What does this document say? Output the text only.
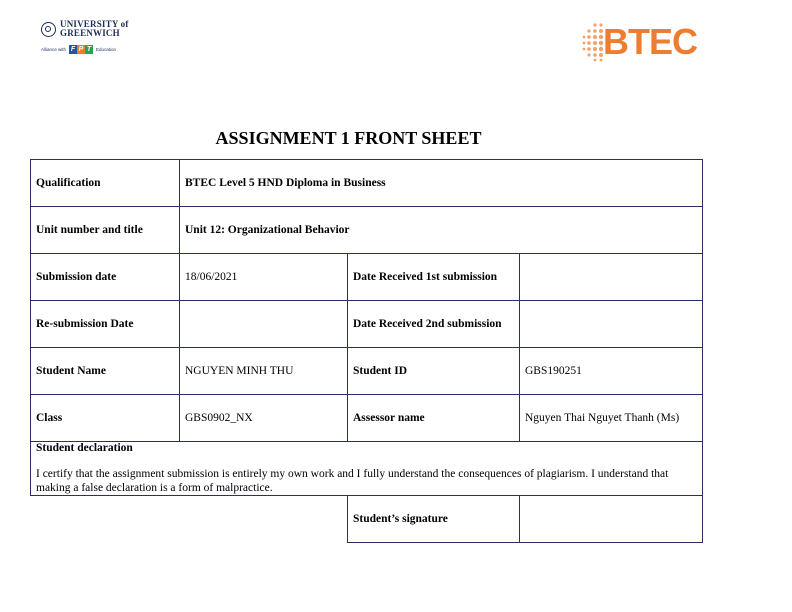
UNIVERSITY of
GREENWICH
Alliance with F P T	Education	BTEC
ASSIGNMENT 1 FRONT SHEET
Qualification	BTEC Level 5 HND Diploma in Business		
Unit number and title	Unit 12: Organizational Behavior		
Submission date	18/06/2021	Date Received 1st submission	
Re-submission Date		Date Received 2nd submission	
Student Name	NGUYEN MINH THU	Student ID	GBS190251
Class	GBS0902_NX	Assessor name	Nguyen Thai Nguyet Thanh (Ms)

Student declaration
I certify that the assignment submission is entirely my own work and I fully understand the consequences of plagiarism. I understand that making a false declaration is a form of malpractice.			

		Student’s signature	
